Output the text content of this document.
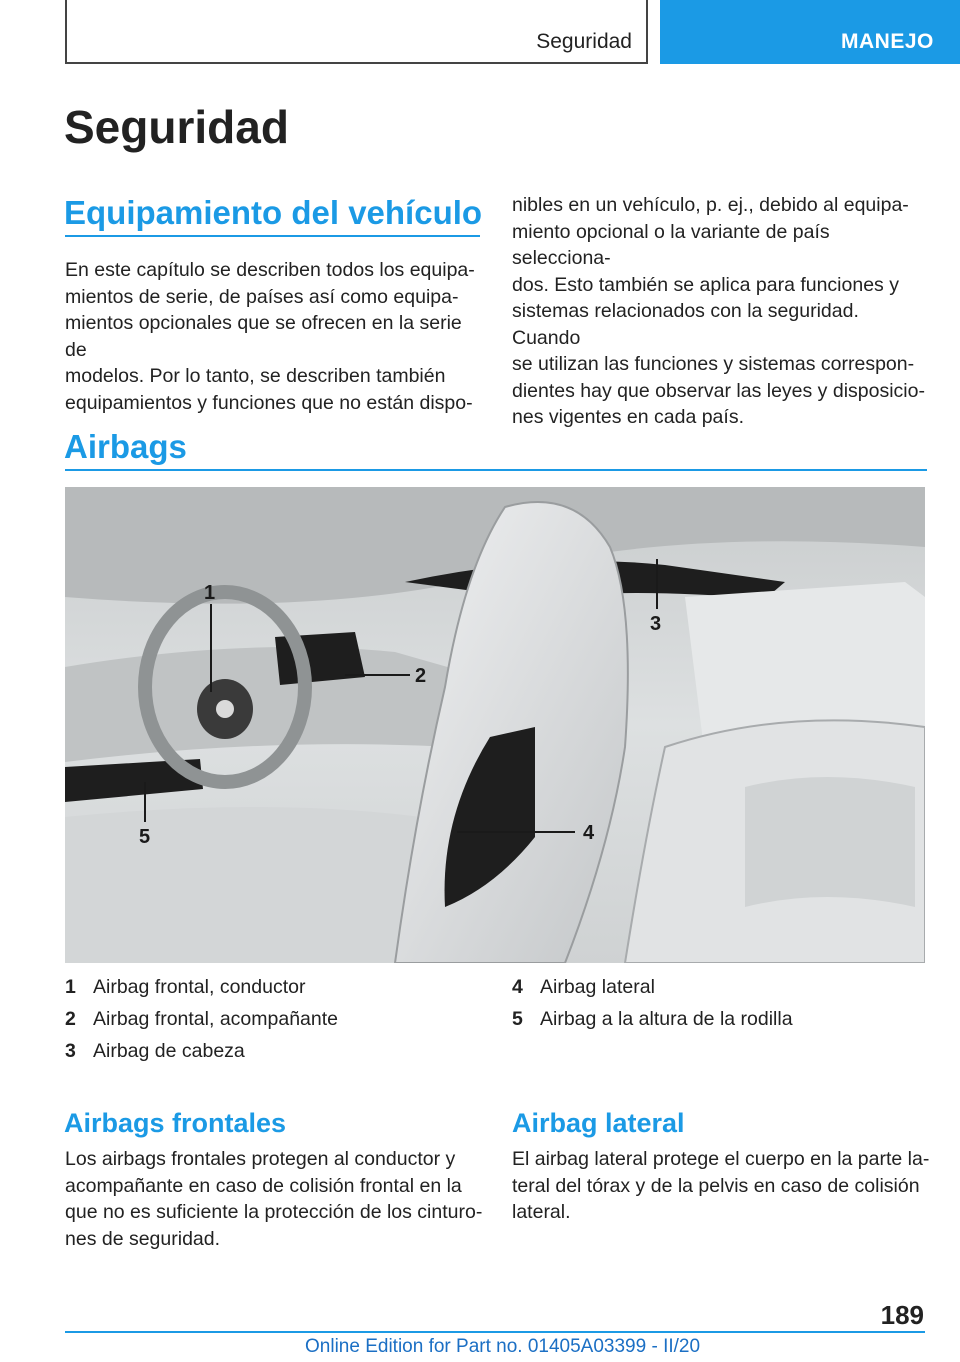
Seguridad	MANEJO
Seguridad
Equipamiento del vehículo
En este capítulo se describen todos los equipa-
mientos de serie, de países así como equipa-
mientos opcionales que se ofrecen en la serie de
modelos. Por lo tanto, se describen también
equipamientos y funciones que no están dispo-
nibles en un vehículo, p. ej., debido al equipa-
miento opcional o la variante de país selecciona-
dos. Esto también se aplica para funciones y
sistemas relacionados con la seguridad. Cuando
se utilizan las funciones y sistemas correspon-
dientes hay que observar las leyes y disposicio-
nes vigentes en cada país.
Airbags
1
2
3
4
5
1 Airbag frontal, conductor
2 Airbag frontal, acompañante
3 Airbag de cabeza
4 Airbag lateral
5 Airbag a la altura de la rodilla
Airbags frontales
Los airbags frontales protegen al conductor y
acompañante en caso de colisión frontal en la
que no es suficiente la protección de los cinturo-
nes de seguridad.
Airbag lateral
El airbag lateral protege el cuerpo en la parte la-
teral del tórax y de la pelvis en caso de colisión
lateral.
189
Online Edition for Part no. 01405A03399 - II/20
